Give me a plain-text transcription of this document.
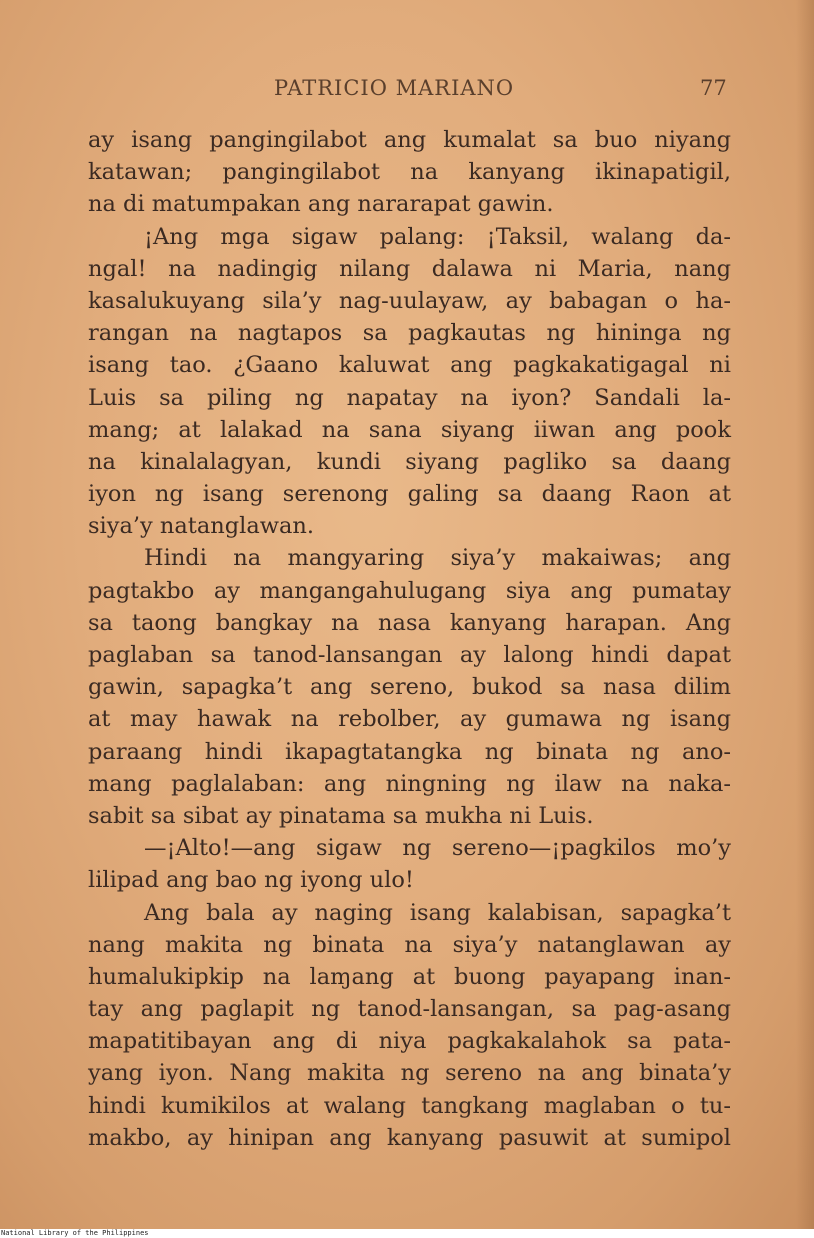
PATRICIO MARIANO	77
ay isang pangingilabot ang kumalat sa buo niyang
katawan; pangingilabot na kanyang ikinapatigil,
na di matumpakan ang nararapat gawin.
¡Ang mga sigaw palang: ¡Taksil, walang da-
ngal! na nadingig nilang dalawa ni Maria, nang
kasalukuyang sila’y nag-uulayaw, ay babagan o ha-
rangan na nagtapos sa pagkautas ng hininga ng
isang tao. ¿Gaano kaluwat ang pagkakatigagal ni
Luis sa piling ng napatay na iyon? Sandali la-
mang; at lalakad na sana siyang iiwan ang pook
na kinalalagyan, kundi siyang pagliko sa daang
iyon ng isang serenong galing sa daang Raon at
siya’y natanglawan.
Hindi na mangyaring siya’y makaiwas; ang
pagtakbo ay mangangahulugang siya ang pumatay
sa taong bangkay na nasa kanyang harapan. Ang
paglaban sa tanod-lansangan ay lalong hindi dapat
gawin, sapagka’t ang sereno, bukod sa nasa dilim
at may hawak na rebolber, ay gumawa ng isang
paraang hindi ikapagtatangka ng binata ng ano-
mang paglalaban: ang ningning ng ilaw na naka-
sabit sa sibat ay pinatama sa mukha ni Luis.
—¡Alto!—ang sigaw ng sereno—¡pagkilos mo’y
lilipad ang bao ng iyong ulo!
Ang bala ay naging isang kalabisan, sapagka’t
nang makita ng binata na siya’y natanglawan ay
humalukipkip na laɱang at buong payapang inan-
tay ang paglapit ng tanod-lansangan, sa pag-asang
mapatitibayan ang di niya pagkakalahok sa pata-
yang iyon. Nang makita ng sereno na ang binata’y
hindi kumikilos at walang tangkang maglaban o tu-
makbo, ay hinipan ang kanyang pasuwit at sumipol
National Library of the Philippines
